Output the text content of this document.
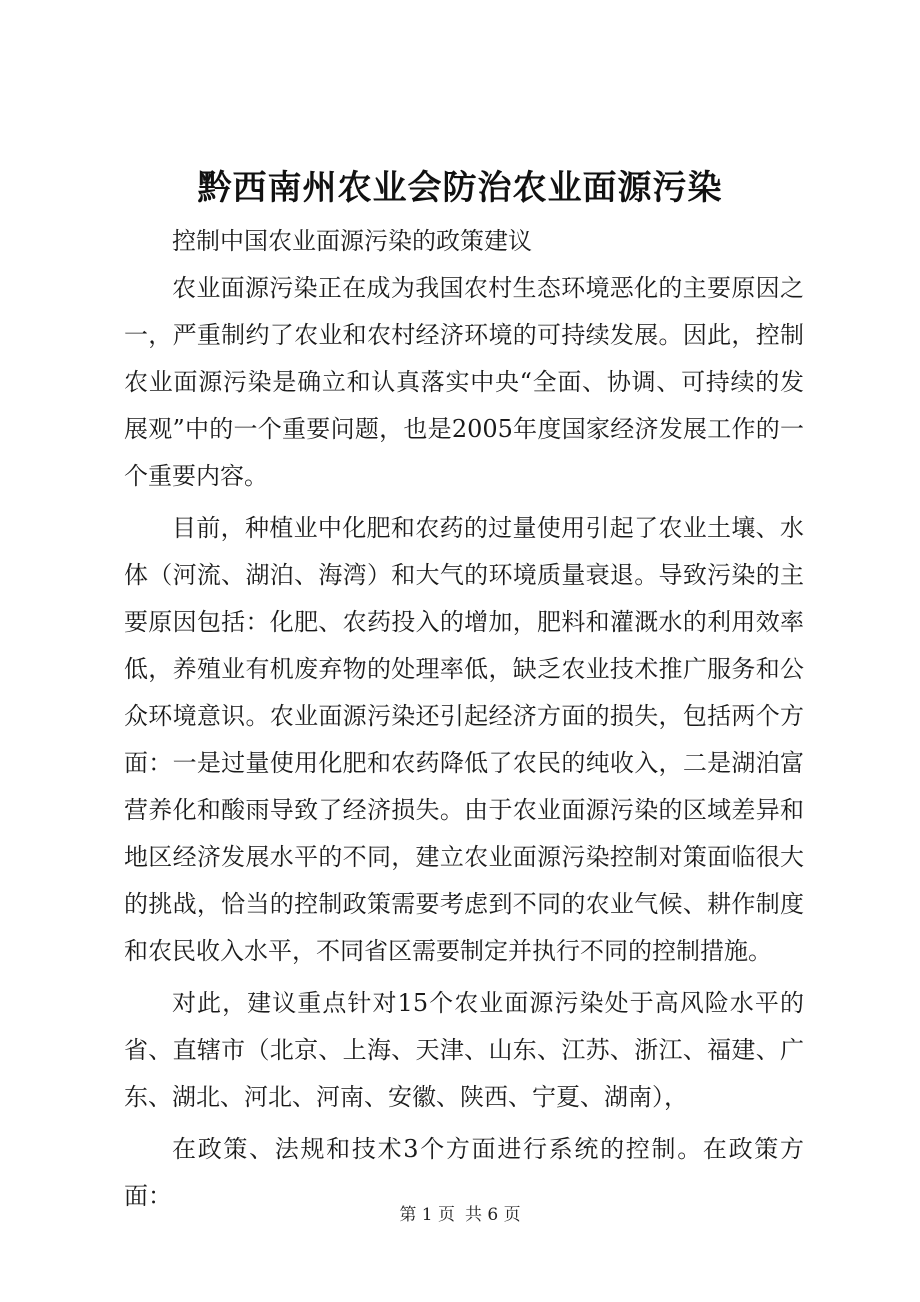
黔西南州农业会防治农业面源污染

控制中国农业面源污染的政策建议

农业面源污染正在成为我国农村生态环境恶化的主要原因之一，严重制约了农业和农村经济环境的可持续发展。因此，控制农业面源污染是确立和认真落实中央“全面、协调、可持续的发展观”中的一个重要问题，也是2005年度国家经济发展工作的一个重要内容。

目前，种植业中化肥和农药的过量使用引起了农业土壤、水体（河流、湖泊、海湾）和大气的环境质量衰退。导致污染的主要原因包括：化肥、农药投入的增加，肥料和灌溉水的利用效率低，养殖业有机废弃物的处理率低，缺乏农业技术推广服务和公众环境意识。农业面源污染还引起经济方面的损失，包括两个方面：一是过量使用化肥和农药降低了农民的纯收入，二是湖泊富营养化和酸雨导致了经济损失。由于农业面源污染的区域差异和地区经济发展水平的不同，建立农业面源污染控制对策面临很大的挑战，恰当的控制政策需要考虑到不同的农业气候、耕作制度和农民收入水平，不同省区需要制定并执行不同的控制措施。

对此，建议重点针对15个农业面源污染处于高风险水平的省、直辖市（北京、上海、天津、山东、江苏、浙江、福建、广东、湖北、河北、河南、安徽、陕西、宁夏、湖南），

在政策、法规和技术3个方面进行系统的控制。在政策方面：

第 1 页 共 6 页
